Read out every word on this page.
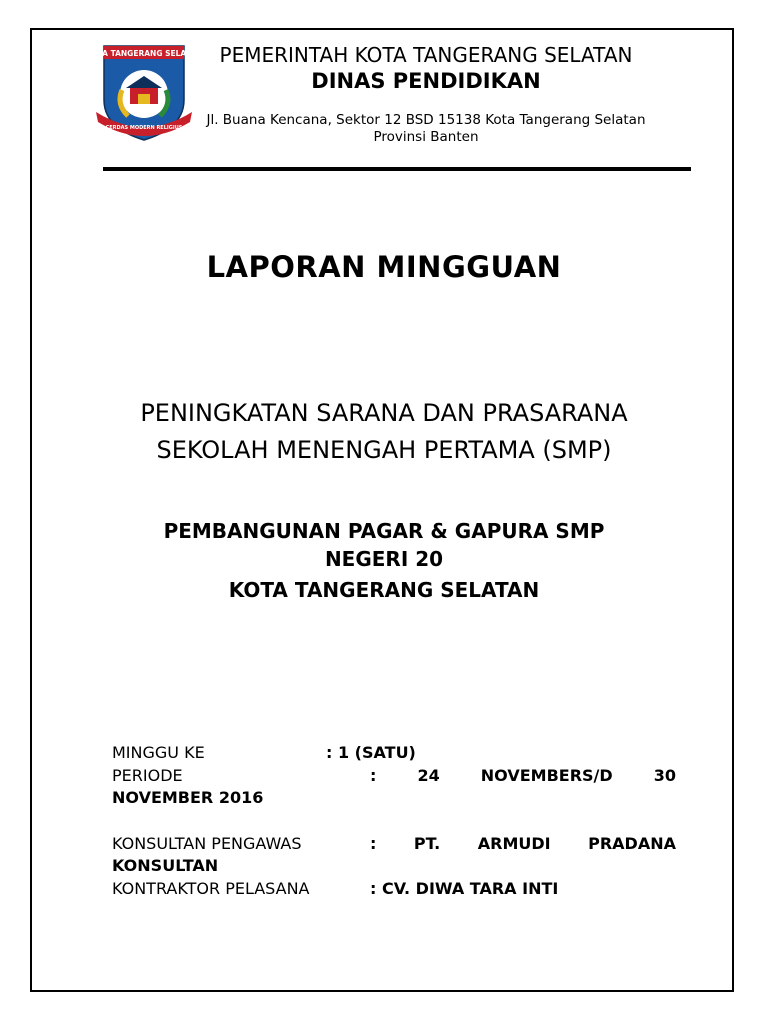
KOTA TANGERANG SELATAN
CERDAS MODERN RELIGIUS
PEMERINTAH KOTA TANGERANG SELATAN
DINAS PENDIDIKAN
Jl. Buana Kencana, Sektor 12 BSD 15138 Kota Tangerang Selatan
Provinsi Banten
LAPORAN MINGGUAN
PENINGKATAN SARANA DAN PRASARANA
SEKOLAH MENENGAH PERTAMA (SMP)
PEMBANGUNAN PAGAR & GAPURA SMP
NEGERI 20
KOTA TANGERANG SELATAN
MINGGU KE	: 1 (SATU)
PERIODE	:	24	NOVEMBERS/D	30
NOVEMBER 2016
KONSULTAN PENGAWAS	: PT. ARMUDI PRADANA
KONSULTAN
KONTRAKTOR PELASANA	: CV. DIWA TARA INTI
